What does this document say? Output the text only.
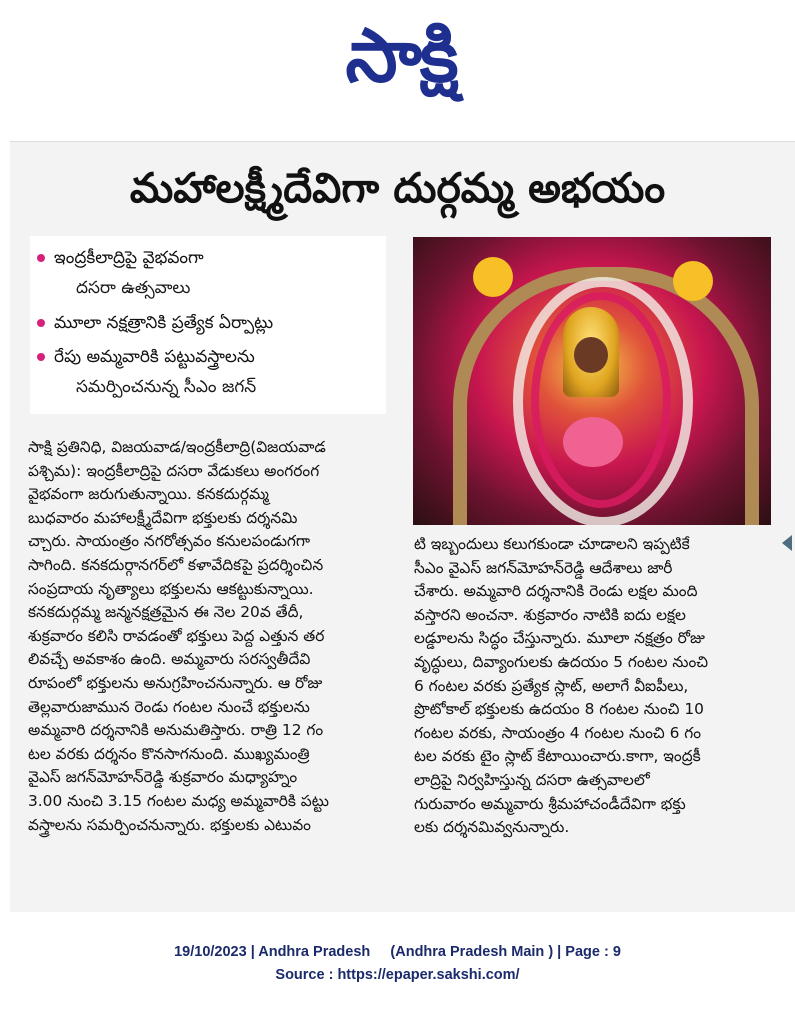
సాక్షి
మహాలక్ష్మీదేవిగా దుర్గమ్మ అభయం
ఇంద్రకీలాద్రిపై వైభవంగా
దసరా ఉత్సవాలు
మూలా నక్షత్రానికి ప్రత్యేక ఏర్పాట్లు
రేపు అమ్మవారికి పట్టువస్త్రాలను
సమర్పించనున్న సీఎం జగన్
సాక్షి ప్రతినిధి, విజయవాడ/ఇంద్రకీలాద్రి(విజయవాడ
పశ్చిమ): ఇంద్రకీలాద్రిపై దసరా వేడుకలు అంగరంగ
వైభవంగా జరుగుతున్నాయి. కనకదుర్గమ్మ
బుధవారం మహాలక్ష్మీదేవిగా భక్తులకు దర్శనమి
చ్చారు. సాయంత్రం నగరోత్సవం కనులపండుగగా
సాగింది. కనకదుర్గానగర్‌లో కళావేదికపై ప్రదర్శించిన
సంప్రదాయ నృత్యాలు భక్తులను ఆకట్టుకున్నాయి.
కనకదుర్గమ్మ జన్మనక్షత్రమైన ఈ నెల 20వ తేదీ,
శుక్రవారం కలిసి రావడంతో భక్తులు పెద్ద ఎత్తున తర
లివచ్చే అవకాశం ఉంది. అమ్మవారు సరస్వతీదేవి
రూపంలో భక్తులను అనుగ్రహించనున్నారు. ఆ రోజు
తెల్లవారుజామున రెండు గంటల నుంచే భక్తులను
అమ్మవారి దర్శనానికి అనుమతిస్తారు. రాత్రి 12 గం
టల వరకు దర్శనం కొనసాగనుంది. ముఖ్యమంత్రి
వైఎస్ జగన్‌మోహన్‌రెడ్డి శుక్రవారం మధ్యాహ్నం
3.00 నుంచి 3.15 గంటల మధ్య అమ్మవారికి పట్టు
వస్త్రాలను సమర్పించనున్నారు. భక్తులకు ఎటువం
టి ఇబ్బందులు కలుగకుండా చూడాలని ఇప్పటికే
సీఎం వైఎస్ జగన్‌మోహన్‌రెడ్డి ఆదేశాలు జారీ
చేశారు. అమ్మవారి దర్శనానికి రెండు లక్షల మంది
వస్తారని అంచనా. శుక్రవారం నాటికి ఐదు లక్షల
లడ్డూలను సిద్ధం చేస్తున్నారు. మూలా నక్షత్రం రోజు
వృద్ధులు, దివ్యాంగులకు ఉదయం 5 గంటల నుంచి
6 గంటల వరకు ప్రత్యేక స్లాట్, అలాగే వీఐపీలు,
ప్రొటోకాల్ భక్తులకు ఉదయం 8 గంటల నుంచి 10
గంటల వరకు, సాయంత్రం 4 గంటల నుంచి 6 గం
టల వరకు టైం స్లాట్ కేటాయించారు.కాగా, ఇంద్రకీ
లాద్రిపై నిర్వహిస్తున్న దసరా ఉత్సవాలలో
గురువారం అమ్మవారు శ్రీమహాచండీదేవిగా భక్తు
లకు దర్శనమివ్వనున్నారు.
19/10/2023 | Andhra Pradesh (Andhra Pradesh Main ) | Page : 9
Source : https://epaper.sakshi.com/
